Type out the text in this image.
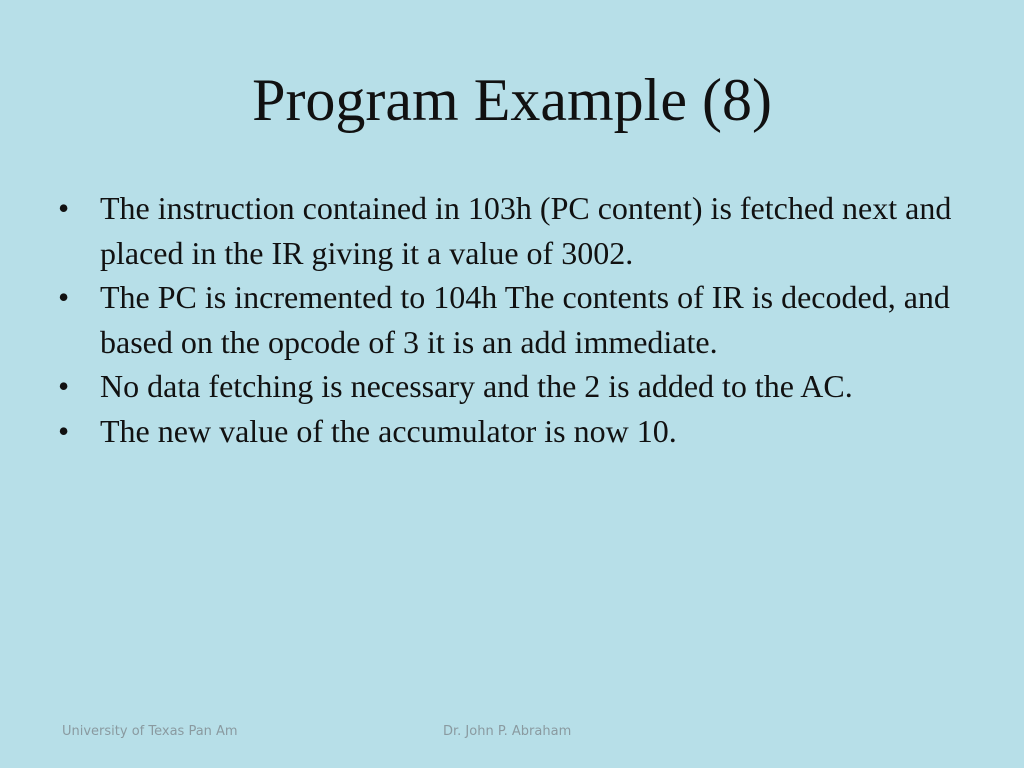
Program Example (8)
• The instruction contained in 103h (PC content) is fetched next and placed in the IR giving it a value of 3002.
• The PC is incremented to 104h The contents of IR is decoded, and based on the opcode of 3 it is an add immediate.
• No data fetching is necessary and the 2 is added to the AC.
• The new value of the accumulator is now 10.
University of Texas Pan Am	Dr. John P. Abraham
